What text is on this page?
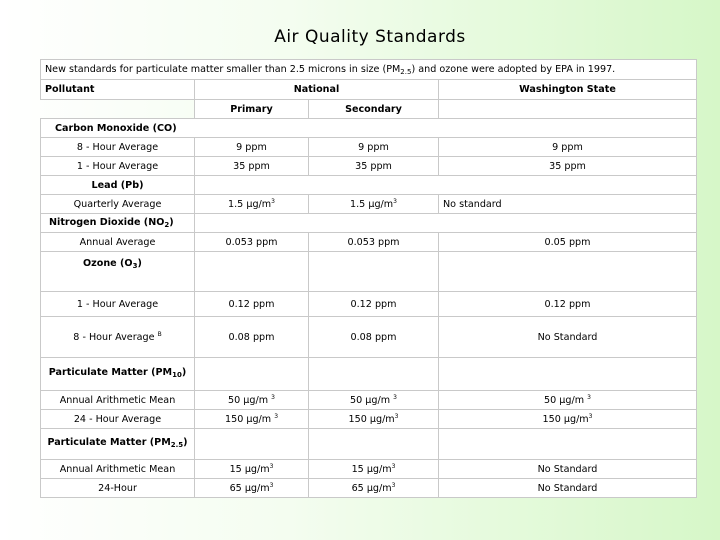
Air Quality Standards
New standards for particulate matter smaller than 2.5 microns in size $(PM_{2.5})$ and ozone were adopted by EPA in 1997.			
Pollutant	National		Washington State
	Primary	Secondary	
Carbon Monoxide (CO)			
8 - Hour Average	9 ppm	9 ppm	9 ppm
1 - Hour Average	35 ppm	35 ppm	35 ppm
Lead (Pb)			
Quarterly Average	1.5 $\mu g/m^3$	1.5 $\mu g/m^3$	No standard
Nitrogen Dioxide $(NO_2)$			
Annual Average	0.053 ppm	0.053 ppm	0.05 ppm
Ozone $(O_3)$			
1 - Hour Average	0.12 ppm	0.12 ppm	0.12 ppm
8 - Hour Average $^B$	0.08 ppm	0.08 ppm	No Standard
Particulate Matter $(PM_{10})$			
Annual Arithmetic Mean	50 µg/m $^3$	50 µg/m $^3$	50 µg/m $^3$
24 - Hour Average	150 µg/m $^3$	150 $\mu g/m^3$	150 $\mu g/m^3$
Particulate Matter $(PM_{2.5})$			
Annual Arithmetic Mean	15 $\mu g/m^3$	15 $\mu g/m^3$	No Standard
24-Hour	65 $\mu g/m^3$	65 $\mu g/m^3$	No Standard
